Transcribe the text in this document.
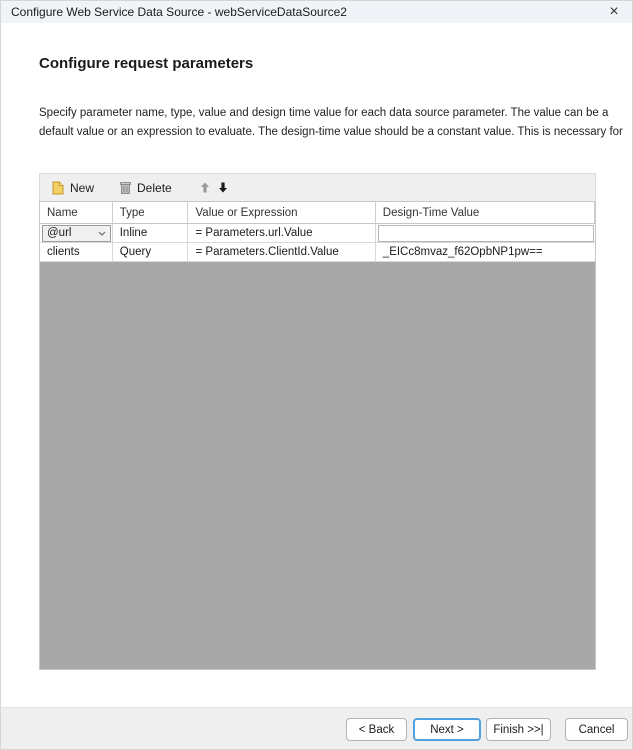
Configure Web Service Data Source - webServiceDataSource2	×
Configure request parameters
Specify parameter name, type, value and design time value for each data source parameter. The value can be a
default value or an expression to evaluate. The design-time value should be a constant value. This is necessary for
New	Delete
Name	Type	Value or Expression	Design-Time Value
@url	Inline	= Parameters.url.Value
clients	Query	= Parameters.ClientId.Value	_EICc8mvaz_f62OpbNP1pw==
< Back	Next >	Finish >>|	Cancel
